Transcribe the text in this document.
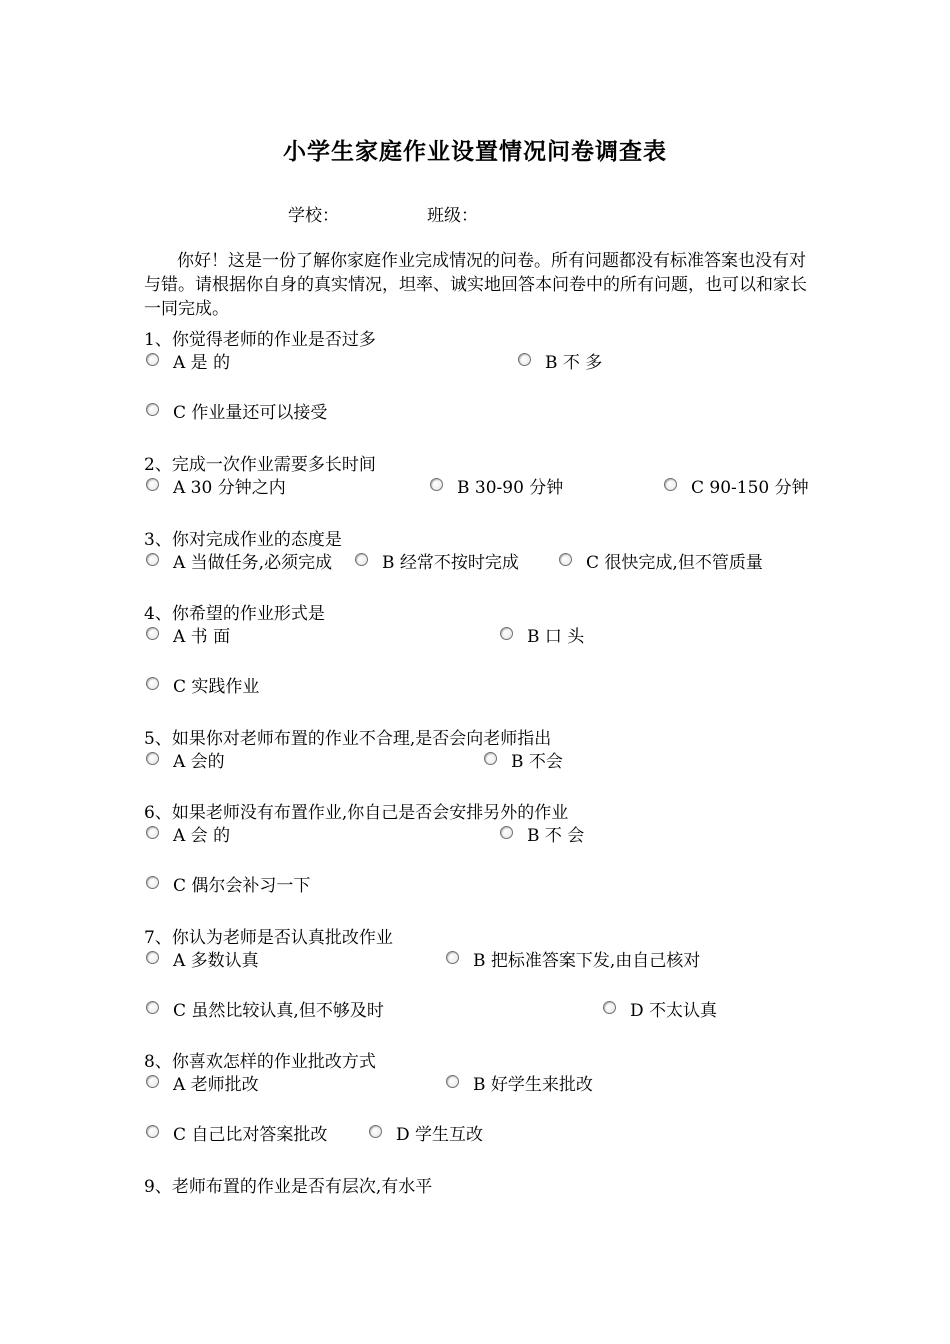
小学生家庭作业设置情况问卷调查表
学校：	班级：
你好！这是一份了解你家庭作业完成情况的问卷。所有问题都没有标准答案也没有对与错。请根据你自身的真实情况，坦率、诚实地回答本问卷中的所有问题，也可以和家长一同完成。
1、你觉得老师的作业是否过多
A 是 的	B 不 多
C 作业量还可以接受
2、完成一次作业需要多长时间
A 30 分钟之内	B 30-90 分钟	C 90-150 分钟
3、你对完成作业的态度是
A 当做任务,必须完成	B 经常不按时完成	C 很快完成,但不管质量
4、你希望的作业形式是
A 书 面	B 口 头
C 实践作业
5、如果你对老师布置的作业不合理,是否会向老师指出
A 会的	B 不会
6、如果老师没有布置作业,你自己是否会安排另外的作业
A 会 的	B 不 会
C 偶尔会补习一下
7、你认为老师是否认真批改作业
A 多数认真	B 把标准答案下发,由自己核对
C 虽然比较认真,但不够及时	D 不太认真
8、你喜欢怎样的作业批改方式
A 老师批改	B 好学生来批改
C 自己比对答案批改	D 学生互改
9、老师布置的作业是否有层次,有水平
